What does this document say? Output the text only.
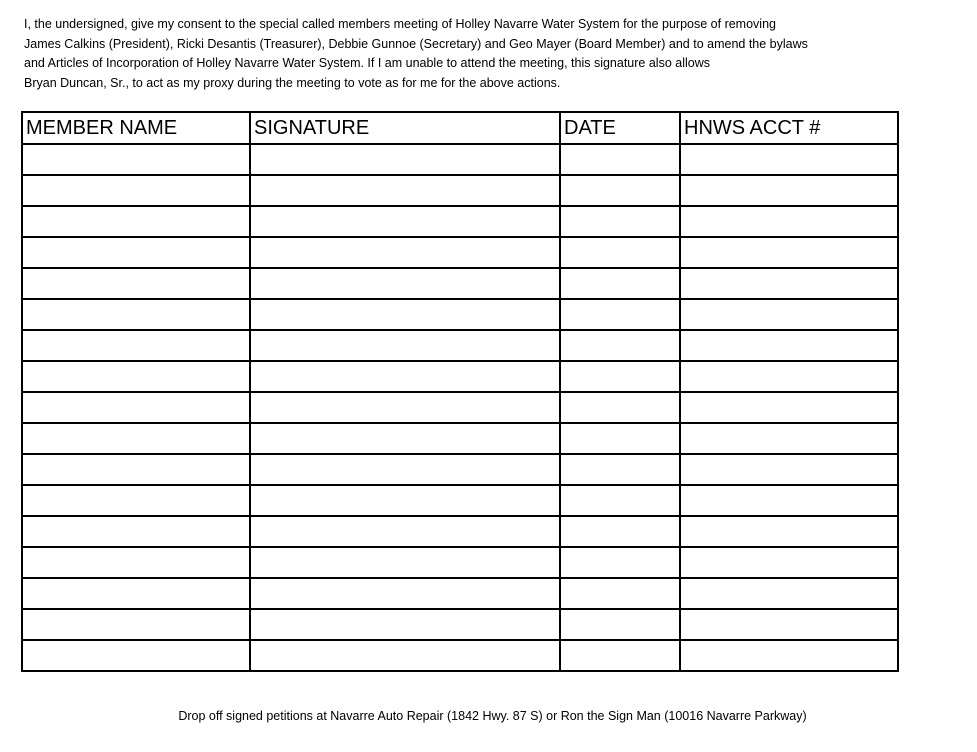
I, the undersigned, give my consent to the special called members meeting of Holley Navarre Water System for the purpose of removing
James Calkins (President), Ricki Desantis (Treasurer), Debbie Gunnoe (Secretary) and Geo Mayer (Board Member) and to amend the bylaws
and Articles of Incorporation of Holley Navarre Water System. If I am unable to attend the meeting, this signature also allows
Bryan Duncan, Sr., to act as my proxy during the meeting to vote as for me for the above actions.
MEMBER NAME	SIGNATURE	DATE	HNWS ACCT #

Drop off signed petitions at Navarre Auto Repair (1842 Hwy. 87 S) or Ron the Sign Man (10016 Navarre Parkway)
